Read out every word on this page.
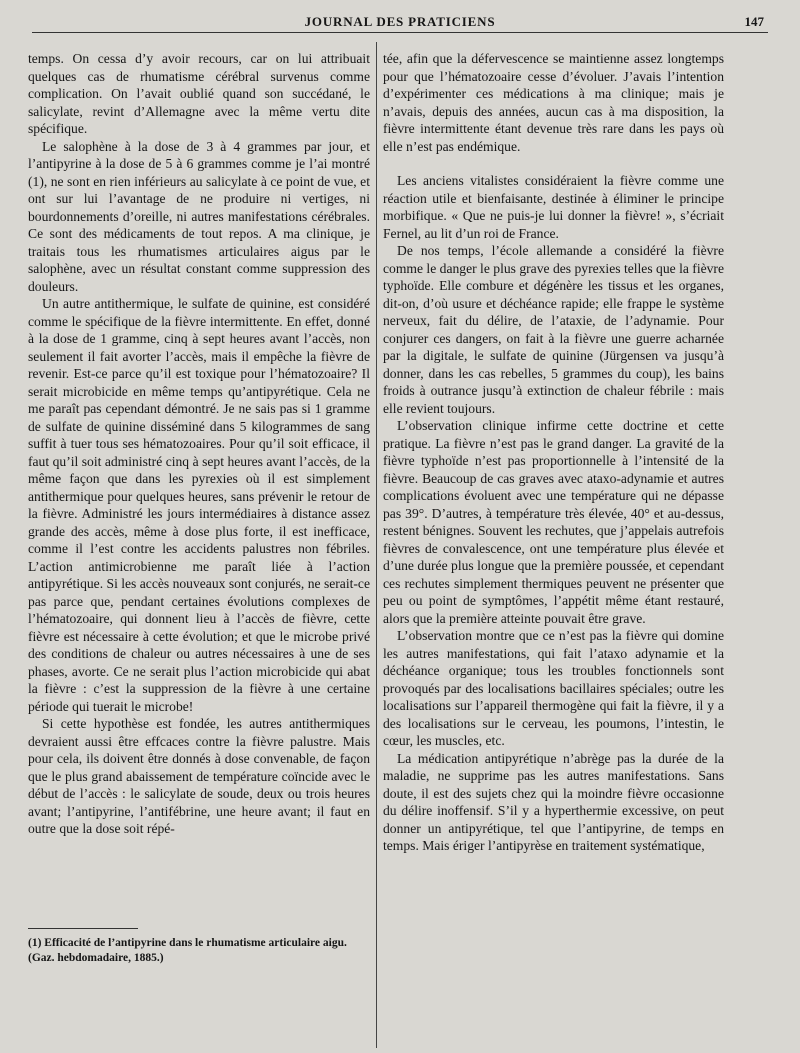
JOURNAL DES PRATICIENS	147

temps. On cessa d’y avoir recours, car on lui attribuait quelques cas de rhumatisme cérébral survenus comme complication. On l’avait oublié quand son succédané, le salicylate, revint d’Allemagne avec la même vertu dite spécifique.

Le salophène à la dose de 3 à 4 grammes par jour, et l’antipyrine à la dose de 5 à 6 grammes comme je l’ai montré (1), ne sont en rien inférieurs au salicylate à ce point de vue, et ont sur lui l’avantage de ne produire ni vertiges, ni bourdonnements d’oreille, ni autres manifestations cérébrales. Ce sont des médicaments de tout repos. A ma clinique, je traitais tous les rhumatismes articulaires aigus par le salophène, avec un résultat constant comme suppression des douleurs.

Un autre antithermique, le sulfate de quinine, est considéré comme le spécifique de la fièvre intermittente. En effet, donné à la dose de 1 gramme, cinq à sept heures avant l’accès, non seulement il fait avorter l’accès, mais il empêche la fièvre de revenir. Est-ce parce qu’il est toxique pour l’hématozoaire? Il serait microbicide en même temps qu’antipyrétique. Cela ne me paraît pas cependant démontré. Je ne sais pas si 1 gramme de sulfate de quinine disséminé dans 5 kilogrammes de sang suffit à tuer tous ses hématozoaires. Pour qu’il soit efficace, il faut qu’il soit administré cinq à sept heures avant l’accès, de la même façon que dans les pyrexies où il est simplement antithermique pour quelques heures, sans prévenir le retour de la fièvre. Administré les jours intermédiaires à distance assez grande des accès, même à dose plus forte, il est inefficace, comme il l’est contre les accidents palustres non fébriles. L’action antimicrobienne me paraît liée à l’action antipyrétique. Si les accès nouveaux sont conjurés, ne serait-ce pas parce que, pendant certaines évolutions complexes de l’hématozoaire, qui donnent lieu à l’accès de fièvre, cette fièvre est nécessaire à cette évolution; et que le microbe privé des conditions de chaleur ou autres nécessaires à une de ses phases, avorte. Ce ne serait plus l’action microbicide qui abat la fièvre : c’est la suppression de la fièvre à une certaine période qui tuerait le microbe!

Si cette hypothèse est fondée, les autres antithermiques devraient aussi être effcaces contre la fièvre palustre. Mais pour cela, ils doivent être donnés à dose convenable, de façon que le plus grand abaissement de température coïncide avec le début de l’accès : le salicylate de soude, deux ou trois heures avant; l’antipyrine, l’antifébrine, une heure avant; il faut en outre que la dose soit répé-

tée, afin que la défervescence se maintienne assez longtemps pour que l’hématozoaire cesse d’évoluer. J’avais l’intention d’expérimenter ces médications à ma clinique; mais je n’avais, depuis des années, aucun cas à ma disposition, la fièvre intermittente étant devenue très rare dans les pays où elle n’est pas endémique.

Les anciens vitalistes considéraient la fièvre comme une réaction utile et bienfaisante, destinée à éliminer le principe morbifique. « Que ne puis-je lui donner la fièvre! », s’écriait Fernel, au lit d’un roi de France.

De nos temps, l’école allemande a considéré la fièvre comme le danger le plus grave des pyrexies telles que la fièvre typhoïde. Elle combure et dégénère les tissus et les organes, dit-on, d’où usure et déchéance rapide; elle frappe le système nerveux, fait du délire, de l’ataxie, de l’adynamie. Pour conjurer ces dangers, on fait à la fièvre une guerre acharnée par la digitale, le sulfate de quinine (Jürgensen va jusqu’à donner, dans les cas rebelles, 5 grammes du coup), les bains froids à outrance jusqu’à extinction de chaleur fébrile : mais elle revient toujours.

L’observation clinique infirme cette doctrine et cette pratique. La fièvre n’est pas le grand danger. La gravité de la fièvre typhoïde n’est pas proportionnelle à l’intensité de la fièvre. Beaucoup de cas graves avec ataxo-adynamie et autres complications évoluent avec une température qui ne dépasse pas 39°. D’autres, à température très élevée, 40° et au-dessus, restent bénignes. Souvent les rechutes, que j’appelais autrefois fièvres de convalescence, ont une température plus élevée et d’une durée plus longue que la première poussée, et cependant ces rechutes simplement thermiques peuvent ne présenter que peu ou point de symptômes, l’appétit même étant restauré, alors que la première atteinte pouvait être grave.

L’observation montre que ce n’est pas la fièvre qui domine les autres manifestations, qui fait l’ataxo adynamie et la déchéance organique; tous les troubles fonctionnels sont provoqués par des localisations bacillaires spéciales; outre les localisations sur l’appareil thermogène qui fait la fièvre, il y a des localisations sur le cerveau, les poumons, l’intestin, le cœur, les muscles, etc.

La médication antipyrétique n’abrège pas la durée de la maladie, ne supprime pas les autres manifestations. Sans doute, il est des sujets chez qui la moindre fièvre occasionne du délire inoffensif. S’il y a hyperthermie excessive, on peut donner un antipyrétique, tel que l’antipyrine, de temps en temps. Mais ériger l’antipyrèse en traitement systématique,

(1) Efficacité de l’antipyrine dans le rhumatisme articulaire aigu. (Gaz. hebdomadaire, 1885.)
